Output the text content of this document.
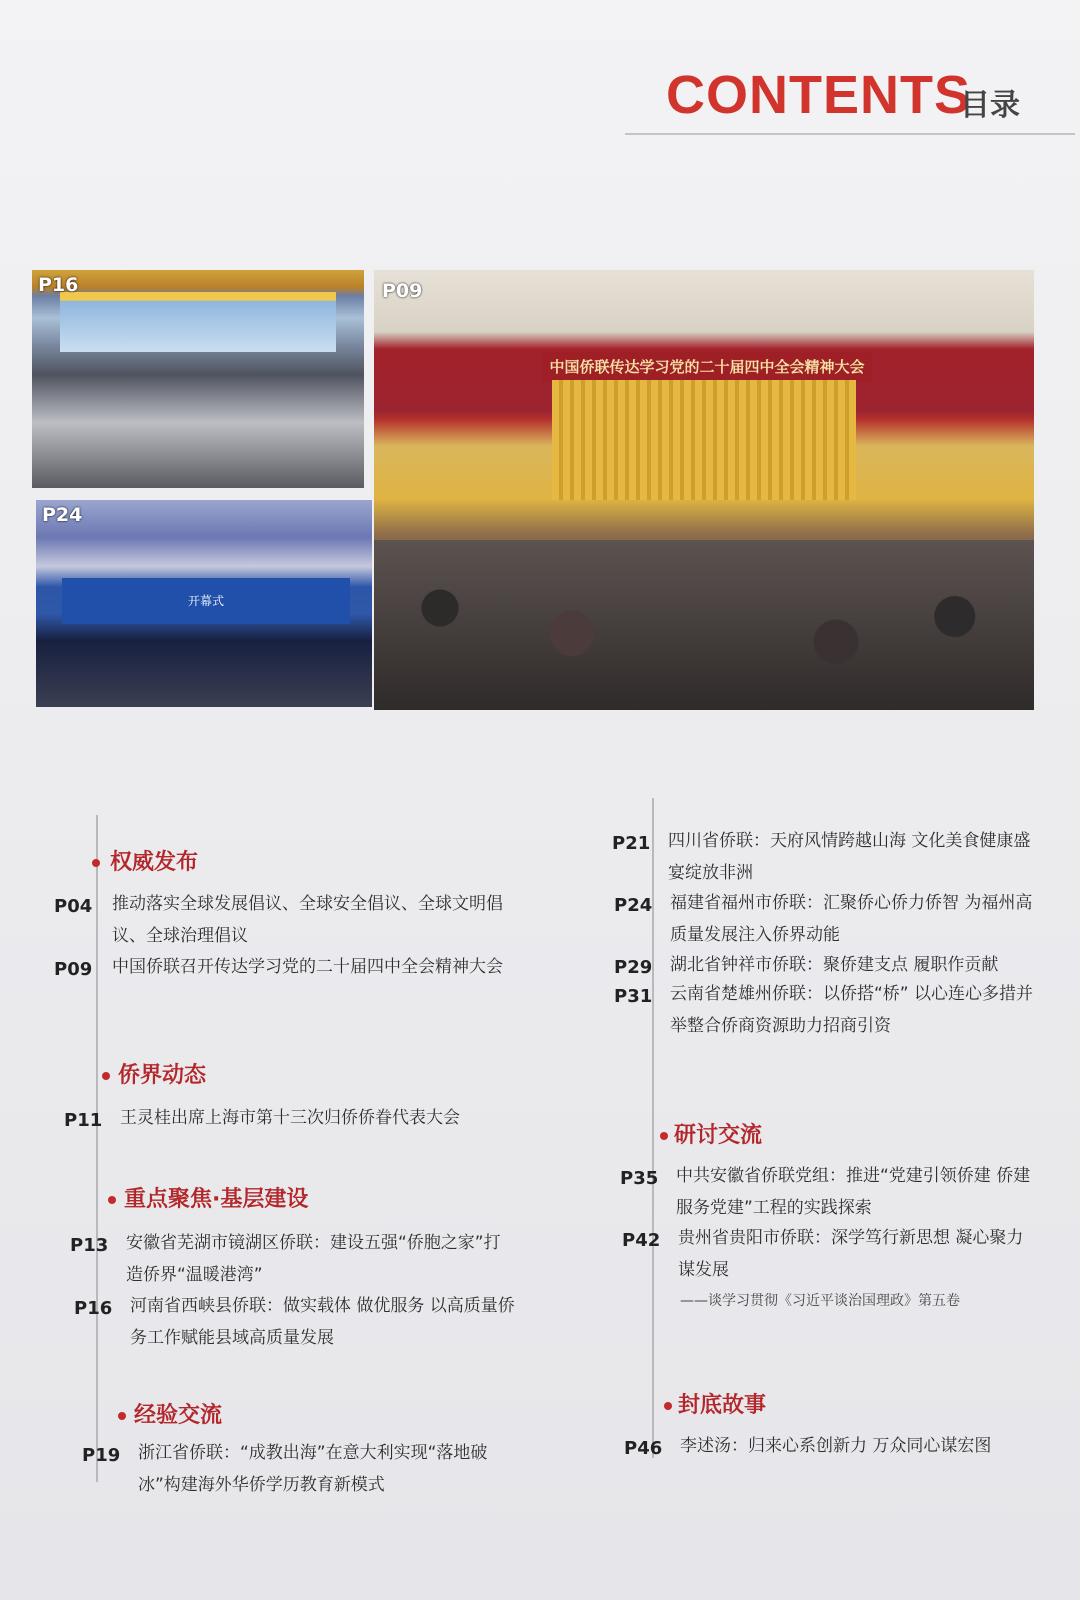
CONTENTS
目录
P16
开幕式
P24
中国侨联传达学习党的二十届四中全会精神大会
P09
权威发布
P04 推动落实全球发展倡议、全球安全倡议、全球文明倡议、全球治理倡议
P09 中国侨联召开传达学习党的二十届四中全会精神大会
侨界动态
P11 王灵桂出席上海市第十三次归侨侨眷代表大会
重点聚焦·基层建设
P13 安徽省芜湖市镜湖区侨联：建设五强“侨胞之家”打造侨界“温暖港湾”
P16 河南省西峡县侨联：做实载体 做优服务 以高质量侨务工作赋能县域高质量发展
经验交流
P19 浙江省侨联：“成教出海”在意大利实现“落地破冰”构建海外华侨学历教育新模式
P21 四川省侨联：天府风情跨越山海 文化美食健康盛宴绽放非洲
P24 福建省福州市侨联：汇聚侨心侨力侨智 为福州高质量发展注入侨界动能
P29 湖北省钟祥市侨联：聚侨建支点 履职作贡献
P31 云南省楚雄州侨联：以侨搭“桥” 以心连心多措并举整合侨商资源助力招商引资
研讨交流
P35 中共安徽省侨联党组：推进“党建引领侨建 侨建服务党建”工程的实践探索
P42 贵州省贵阳市侨联：深学笃行新思想 凝心聚力谋发展
——谈学习贯彻《习近平谈治国理政》第五卷
封底故事
P46 李述汤：归来心系创新力 万众同心谋宏图
